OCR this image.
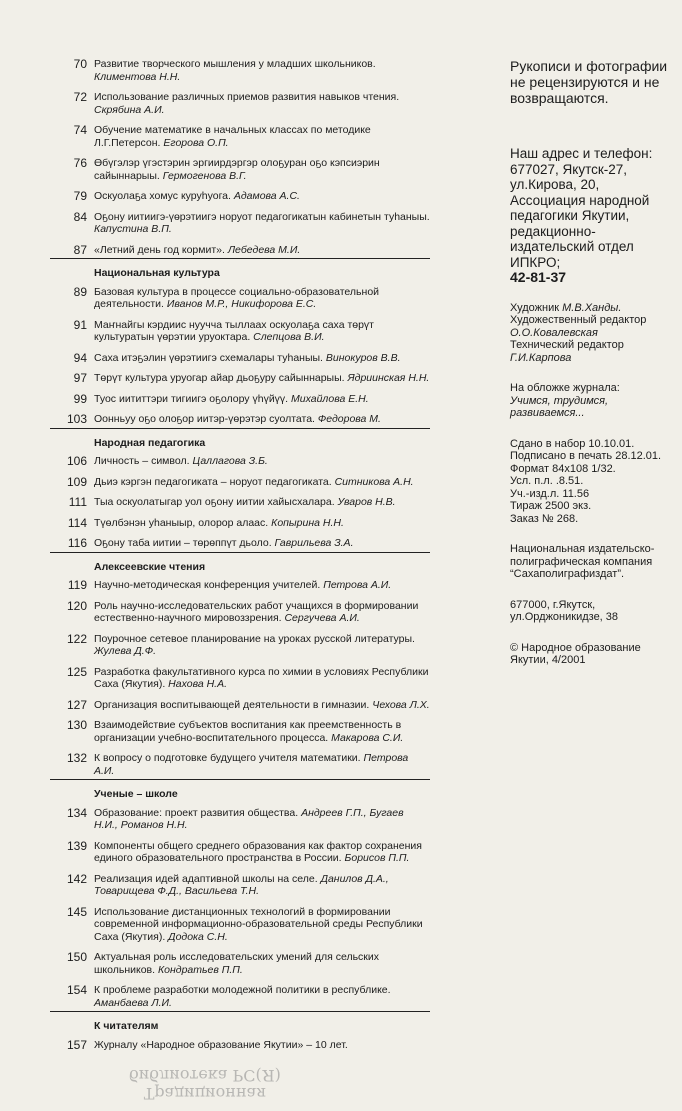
70 Развитие творческого мышления у младших школьников. Климентова Н.Н.
72 Использование различных приемов развития навыков чтения. Скрябина А.И.
74 Обучение математике в начальных классах по методике Л.Г.Петерсон. Егорова О.П.
76 Өбүгэлэр үгэстэрин эргиирдэргэр олоҕуран оҕо кэпсиэрин сайыннарыы. Гермогенова В.Г.
79 Оскуолаҕа хомус куруһуога. Адамова А.С.
84 Оҕону иитиигэ-үөрэтиигэ норуот педагогикатын кабинетын туһаныы. Капустина В.П.
87 «Летний день год кормит». Лебедева М.И.
Национальная культура
89 Базовая культура в процессе социально-образовательной деятельности. Иванов М.Р., Никифорова Е.С.
91 Маҥнайгы кэрдиис нуучча тыллаах оскуолаҕа саха төрүт культуратын үөрэтии уруоктара. Слепцова В.И.
94 Саха итэҕэлин үөрэтиигэ схемалары туһаныы. Винокуров В.В.
97 Төрүт культура уруогар айар дьоҕуру сайыннарыы. Ядриинская Н.Н.
99 Туос иититтэри тигиигэ оҕолору үһүйүү. Михайлова Е.Н.
103 Оонньуу оҕо олоҕор иитэр-үөрэтэр суолтата. Федорова М.
Народная педагогика
106 Личность – символ. Цаллагова З.Б.
109 Дьиэ кэргэн педагогиката – норуот педагогиката. Ситникова А.Н.
111 Тыа оскуолатыгар уол оҕону иитии хайысхалара. Уваров Н.В.
114 Түөлбэнэн уһаныыр, олорор алаас. Копырина Н.Н.
116 Оҕону таба иитии – төрөппүт дьоло. Гаврильева З.А.
Алексеевские чтения
119 Научно-методическая конференция учителей. Петрова А.И.
120 Роль научно-исследовательских работ учащихся в формировании естественно-научного мировоззрения. Сергучева А.И.
122 Поурочное сетевое планирование на уроках русской литературы. Жулева Д.Ф.
125 Разработка факультативного курса по химии в условиях Республики Саха (Якутия). Нахова Н.А.
127 Организация воспитывающей деятельности в гимназии. Чехова Л.Х.
130 Взаимодействие субъектов воспитания как преемственность в организации учебно-воспитательного процесса. Макарова С.И.
132 К вопросу о подготовке будущего учителя математики. Петрова А.И.
Ученые – школе
134 Образование: проект развития общества. Андреев Г.П., Бугаев Н.И., Романов Н.Н.
139 Компоненты общего среднего образования как фактор сохранения единого образовательного пространства в России. Борисов П.П.
142 Реализация идей адаптивной школы на селе. Данилов Д.А., Товарищева Ф.Д., Васильева Т.Н.
145 Использование дистанционных технологий в формировании современной информационно-образовательной среды Республики Саха (Якутия). Додока С.Н.
150 Актуальная роль исследовательских умений для сельских школьников. Кондратьев П.П.
154 К проблеме разработки молодежной политики в республике. Аманбаева Л.И.
К читателям
157 Журналу «Народное образование Якутии» – 10 лет.
Рукописи и фотографии не рецензируются и не возвращаются.
Наш адрес и телефон: 677027, Якутск-27, ул.Кирова, 20, Ассоциация народной педагогики Якутии, редакционно-издательский отдел ИПКРО;
42-81-37
Художник М.В.Ханды.
Художественный редактор
О.О.Ковалевская
Технический редактор
Г.И.Карпова
На обложке журнала:
Учимся, трудимся, развиваемся...
Сдано в набор 10.10.01.
Подписано в печать 28.12.01.
Формат 84х108 1/32.
Усл. п.л. .8.51.
Уч.-изд.л. 11.56
Тираж 2500 экз.
Заказ № 268.
Национальная издательско-полиграфическая компания “Сахаполиграфиздат”.
677000, г.Якутск, ул.Орджоникидзе, 38
© Народное образование Якутии, 4/2001
Традиционная библиотека РС(Я)
